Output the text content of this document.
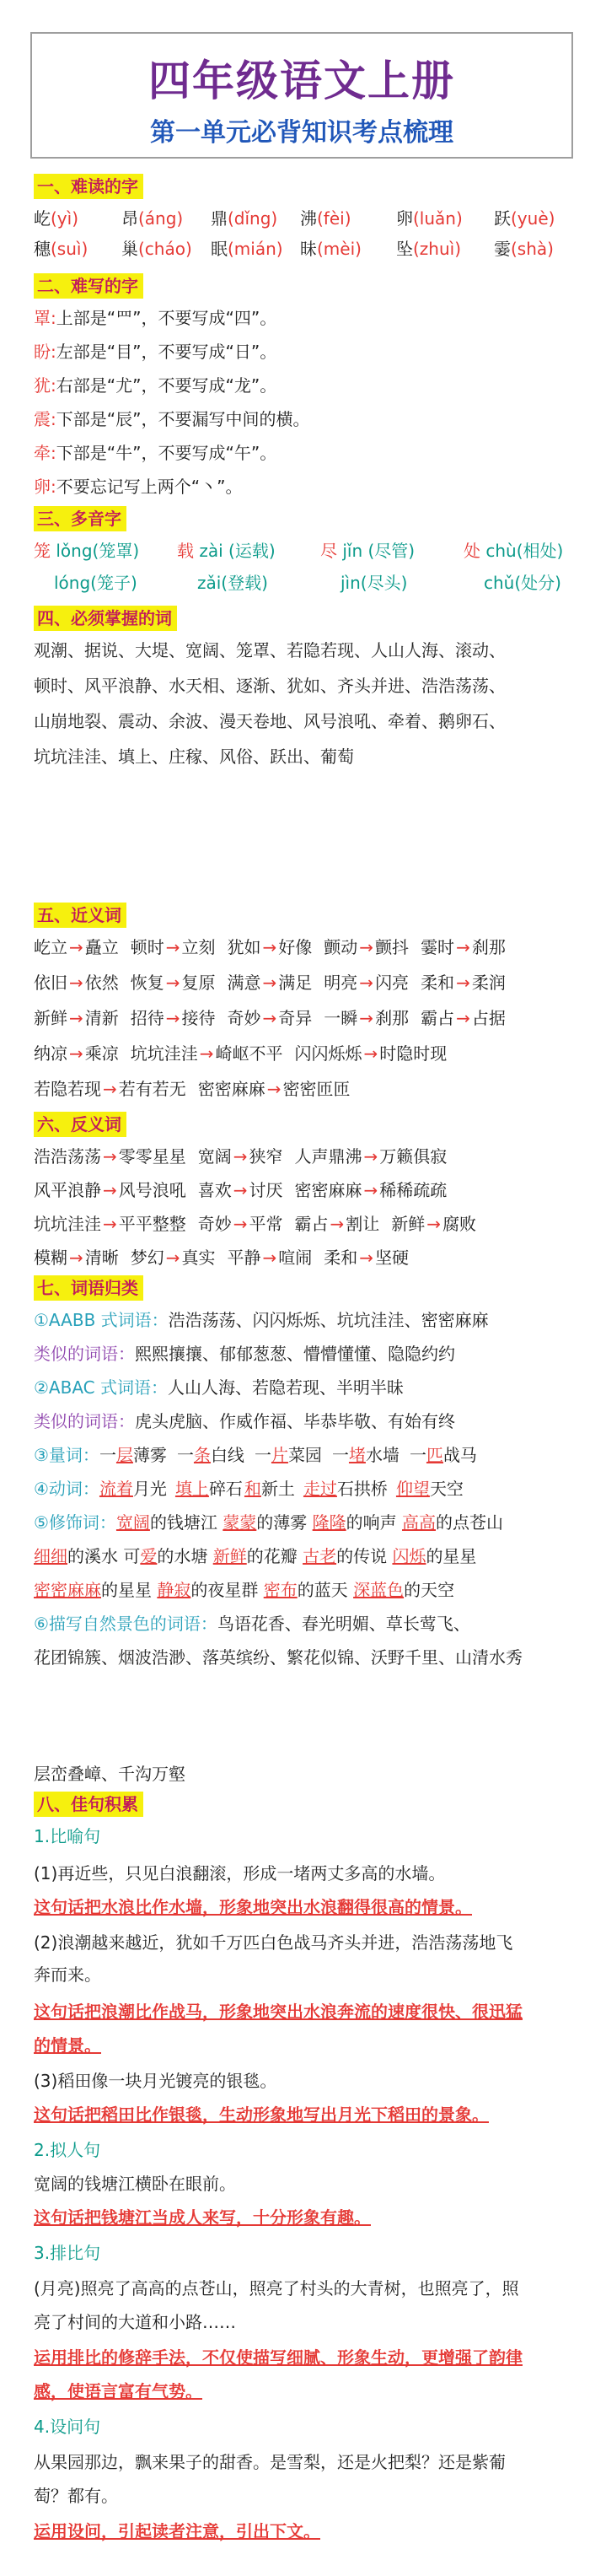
四年级语文上册
第一单元必背知识考点梳理
一、难读的字
屹(yì)	昂(áng) 鼎(dǐng) 沸(fèi)	卵(luǎn) 跃(yuè)
穗(suì) 巢(cháo) 眠(mián) 昧(mèi) 坠(zhuì) 霎(shà)
二、难写的字
罩:上部是“罒”，不要写成“四”。
盼:左部是“目”，不要写成“日”。
犹:右部是“尤”，不要写成“龙”。
震:下部是“辰”，不要漏写中间的横。
牵:下部是“牛”，不要写成“午”。
卵:不要忘记写上两个“丶”。
三、多音字
笼 lǒng(笼罩) 载 zài (运载)	尽 jǐn (尽管)	处 chù(相处)
lóng(笼子)	zǎi(登载)	jìn(尽头)	chǔ(处分)
四、必须掌握的词
观潮、据说、大堤、宽阔、笼罩、若隐若现、人山人海、滚动、
顿时、风平浪静、水天相、逐渐、犹如、齐头并进、浩浩荡荡、
山崩地裂、震动、余波、漫天卷地、风号浪吼、牵着、鹅卵石、
坑坑洼洼、填上、庄稼、风俗、跃出、葡萄
五、近义词
屹立 → 矗立 顿时 → 立刻 犹如 → 好像 颤动 → 颤抖 霎时 → 刹那
依旧 → 依然 恢复 → 复原 满意 → 满足 明亮 → 闪亮 柔和 → 柔润
新鲜 → 清新 招待 → 接待 奇妙 → 奇异 一瞬 → 刹那 霸占 → 占据
纳凉 → 乘凉 坑坑洼洼 → 崎岖不平 闪闪烁烁 → 时隐时现
若隐若现 → 若有若无 密密麻麻 → 密密匝匝
六、反义词
浩浩荡荡 → 零零星星 宽阔 → 狭窄 人声鼎沸 → 万籁俱寂
风平浪静 → 风号浪吼 喜欢 → 讨厌 密密麻麻 → 稀稀疏疏
坑坑洼洼 → 平平整整 奇妙 → 平常 霸占 → 割让 新鲜 → 腐败
模糊 → 清晰 梦幻 → 真实 平静 → 喧闹 柔和 → 坚硬
七、词语归类
①AABB 式词语：浩浩荡荡、闪闪烁烁、坑坑洼洼、密密麻麻
类似的词语：熙熙攘攘、郁郁葱葱、懵懵懂懂、隐隐约约
②ABAC 式词语：人山人海、若隐若现、半明半昧
类似的词语：虎头虎脑、作威作福、毕恭毕敬、有始有终
③量词：一层薄雾 一条白线 一片菜园 一堵水墙 一匹战马
④动词：流着月光 填上碎石 和新土 走过石拱桥 仰望天空
⑤修饰词：宽阔的钱塘江 蒙蒙的薄雾 隆隆的响声 高高的点苍山
细细的溪水 可爱的水塘 新鲜的花瓣 古老的传说 闪烁的星星
密密麻麻的星星 静寂的夜星群 密布的蓝天 深蓝色的天空
⑥描写自然景色的词语：鸟语花香、春光明媚、草长莺飞、
花团锦簇、烟波浩渺、落英缤纷、繁花似锦、沃野千里、山清水秀
层峦叠嶂、千沟万壑
八、佳句积累
1.比喻句
(1)再近些，只见白浪翻滚，形成一堵两丈多高的水墙。
这句话把水浪比作水墙，形象地突出水浪翻得很高的情景。
(2)浪潮越来越近，犹如千万匹白色战马齐头并进，浩浩荡荡地飞
奔而来。
这句话把浪潮比作战马，形象地突出水浪奔流的速度很快、很迅猛
的情景。
(3)稻田像一块月光镀亮的银毯。
这句话把稻田比作银毯，生动形象地写出月光下稻田的景象。
2.拟人句
宽阔的钱塘江横卧在眼前。
这句话把钱塘江当成人来写，十分形象有趣。
3.排比句
(月亮)照亮了高高的点苍山，照亮了村头的大青树，也照亮了，照
亮了村间的大道和小路……
运用排比的修辞手法，不仅使描写细腻、形象生动，更增强了韵律
感，使语言富有气势。
4.设问句
从果园那边，飘来果子的甜香。是雪梨，还是火把梨？还是紫葡
萄？都有。
运用设问，引起读者注意，引出下文。
